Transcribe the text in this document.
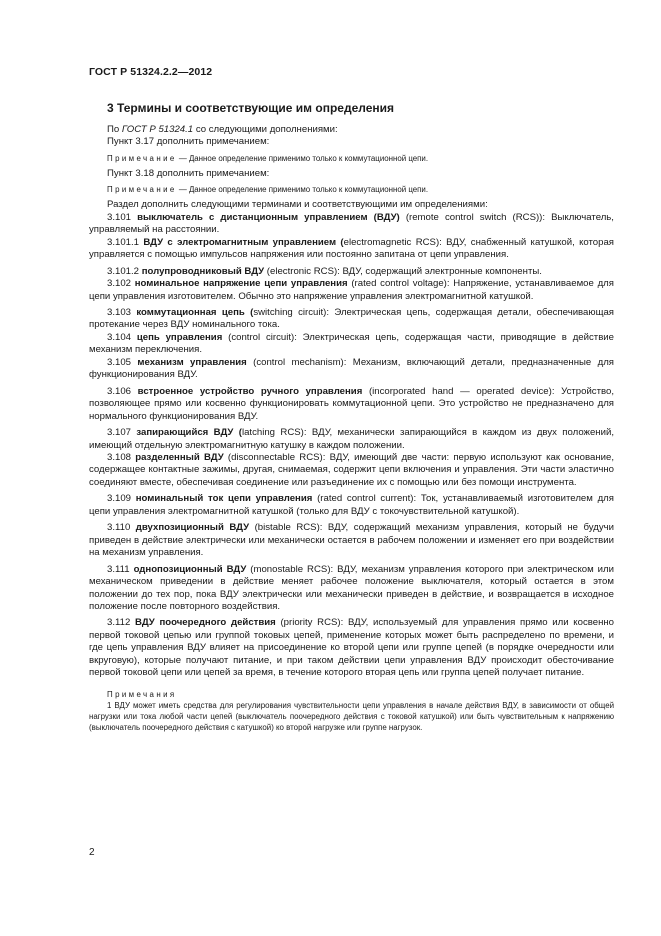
ГОСТ Р 51324.2.2—2012
3 Термины и соответствующие им определения

По ГОСТ Р 51324.1 со следующими дополнениями:

Пункт 3.17 дополнить примечанием:

Примечание — Данное определение применимо только к коммутационной цепи.

Пункт 3.18 дополнить примечанием:

Примечание — Данное определение применимо только к коммутационной цепи.

Раздел дополнить следующими терминами и соответствующими им определениями:

3.101 выключатель с дистанционным управлением (ВДУ) (remote control switch (RCS)): Выключатель, управляемый на расстоянии.

3.101.1 ВДУ с электромагнитным управлением (electromagnetic RCS): ВДУ, снабженный катушкой, которая управляется с помощью импульсов напряжения или постоянно запитана от цепи управления.

3.101.2 полупроводниковый ВДУ (electronic RCS): ВДУ, содержащий электронные компоненты.

3.102 номинальное напряжение цепи управления (rated control voltage): Напряжение, устанавливаемое для цепи управления изготовителем. Обычно это напряжение управления электромагнитной катушкой.

3.103 коммутационная цепь (switching circuit): Электрическая цепь, содержащая детали, обеспечивающая протекание через ВДУ номинального тока.

3.104 цепь управления (control circuit): Электрическая цепь, содержащая части, приводящие в действие механизм переключения.

3.105 механизм управления (control mechanism): Механизм, включающий детали, предназначенные для функционирования ВДУ.

3.106 встроенное устройство ручного управления (incorporated hand — operated device): Устройство, позволяющее прямо или косвенно функционировать коммутационной цепи. Это устройство не предназначено для нормального функционирования ВДУ.

3.107 запирающийся ВДУ (latching RCS): ВДУ, механически запирающийся в каждом из двух положений, имеющий отдельную электромагнитную катушку в каждом положении.

3.108 разделенный ВДУ (disconnectable RCS): ВДУ, имеющий две части: первую используют как основание, содержащее контактные зажимы, другая, снимаемая, содержит цепи включения и управления. Эти части эластично соединяют вместе, обеспечивая соединение или разъединение их с помощью или без помощи инструмента.

3.109 номинальный ток цепи управления (rated control current): Ток, устанавливаемый изготовителем для цепи управления электромагнитной катушкой (только для ВДУ с токочувствительной катушкой).

3.110 двухпозиционный ВДУ (bistable RCS): ВДУ, содержащий механизм управления, который не будучи приведен в действие электрически или механически остается в рабочем положении и изменяет его при воздействии на механизм управления.

3.111 однопозиционный ВДУ (monostable RCS): ВДУ, механизм управления которого при электрическом или механическом приведении в действие меняет рабочее положение выключателя, который остается в этом положении до тех пор, пока ВДУ электрически или механически приведен в действие, и возвращается в исходное положение после повторного воздействия.

3.112 ВДУ поочередного действия (priority RCS): ВДУ, используемый для управления прямо или косвенно первой токовой цепью или группой токовых цепей, применение которых может быть распределено по времени, и где цепь управления ВДУ влияет на присоединение ко второй цепи или группе цепей (в порядке очередности или вкруговую), которые получают питание, и при таком действии цепи управления ВДУ происходит обесточивание первой токовой цепи или цепей за время, в течение которого вторая цепь или группа цепей получает питание.

Примечания

1 ВДУ может иметь средства для регулирования чувствительности цепи управления в начале действия ВДУ, в зависимости от общей нагрузки или тока любой части цепей (выключатель поочередного действия с токовой катушкой) или быть чувствительным к напряжению (выключатель поочередного действия с катушкой) ко второй нагрузке или группе нагрузок.

2
